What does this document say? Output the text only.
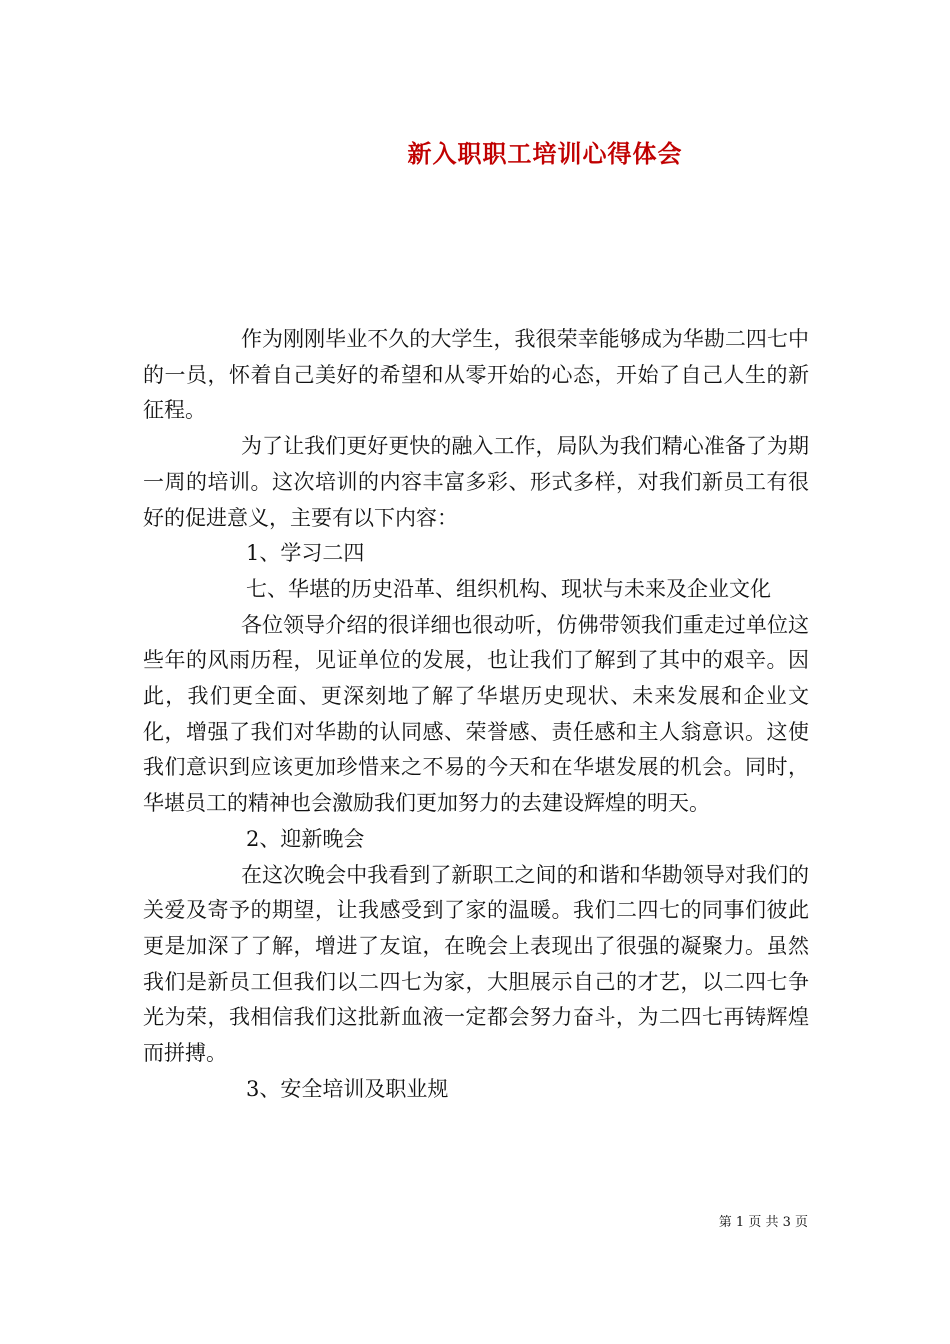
新入职职工培训心得体会

作为刚刚毕业不久的大学生，我很荣幸能够成为华勘二四七中的一员，怀着自己美好的希望和从零开始的心态，开始了自己人生的新征程。

为了让我们更好更快的融入工作，局队为我们精心准备了为期一周的培训。这次培训的内容丰富多彩、形式多样，对我们新员工有很好的促进意义，主要有以下内容：

1、学习二四

七、华堪的历史沿革、组织机构、现状与未来及企业文化

各位领导介绍的很详细也很动听，仿佛带领我们重走过单位这些年的风雨历程，见证单位的发展，也让我们了解到了其中的艰辛。因此，我们更全面、更深刻地了解了华堪历史现状、未来发展和企业文化，增强了我们对华勘的认同感、荣誉感、责任感和主人翁意识。这使我们意识到应该更加珍惜来之不易的今天和在华堪发展的机会。同时，华堪员工的精神也会激励我们更加努力的去建设辉煌的明天。

2、迎新晚会

在这次晚会中我看到了新职工之间的和谐和华勘领导对我们的关爱及寄予的期望，让我感受到了家的温暖。我们二四七的同事们彼此更是加深了了解，增进了友谊，在晚会上表现出了很强的凝聚力。虽然我们是新员工但我们以二四七为家，大胆展示自己的才艺，以二四七争光为荣，我相信我们这批新血液一定都会努力奋斗，为二四七再铸辉煌而拼搏。

3、安全培训及职业规

第 1 页 共 3 页
